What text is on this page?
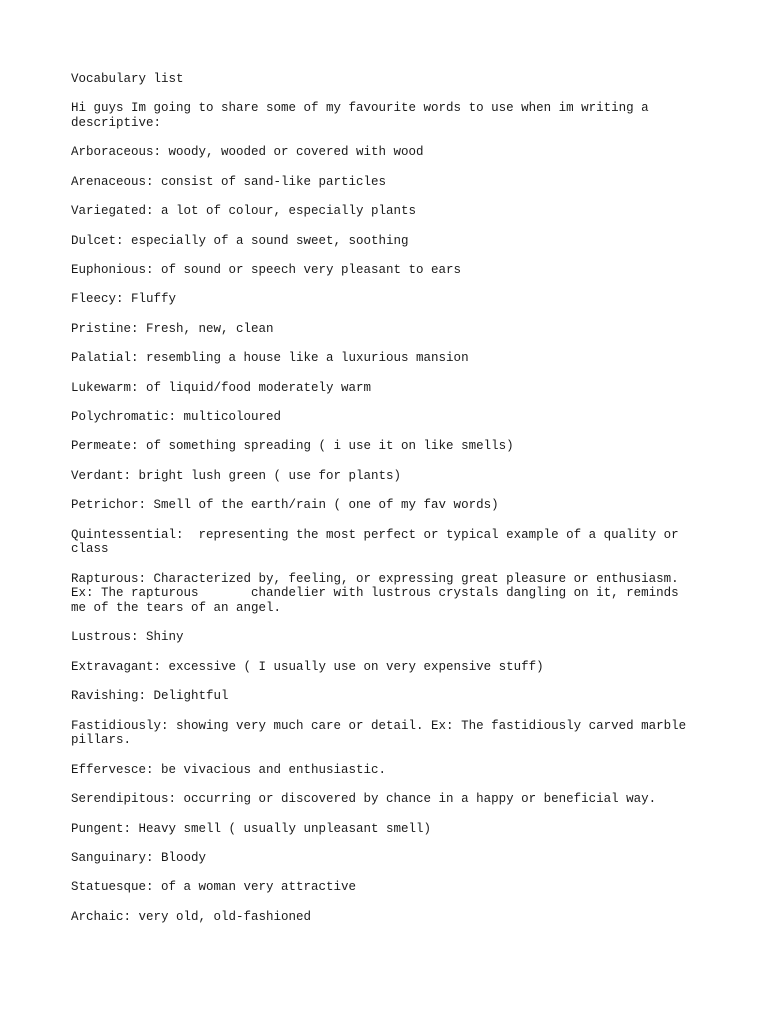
Vocabulary list

Hi guys Im going to share some of my favourite words to use when im writing a
descriptive:

Arboraceous: woody, wooded or covered with wood
Arenaceous: consist of sand-like particles
Variegated: a lot of colour, especially plants
Dulcet: especially of a sound sweet, soothing
Euphonious: of sound or speech very pleasant to ears
Fleecy: Fluffy
Pristine: Fresh, new, clean
Palatial: resembling a house like a luxurious mansion
Lukewarm: of liquid/food moderately warm
Polychromatic: multicoloured
Permeate: of something spreading ( i use it on like smells)
Verdant: bright lush green ( use for plants)
Petrichor: Smell of the earth/rain ( one of my fav words)
Quintessential:  representing the most perfect or typical example of a quality or
class
Rapturous: Characterized by, feeling, or expressing great pleasure or enthusiasm.
Ex: The rapturous       chandelier with lustrous crystals dangling on it, reminds
me of the tears of an angel.
Lustrous: Shiny
Extravagant: excessive ( I usually use on very expensive stuff)
Ravishing: Delightful
Fastidiously: showing very much care or detail. Ex: The fastidiously carved marble
pillars.
Effervesce: be vivacious and enthusiastic.
Serendipitous: occurring or discovered by chance in a happy or beneficial way.
Pungent: Heavy smell ( usually unpleasant smell)
Sanguinary: Bloody
Statuesque: of a woman very attractive
Archaic: very old, old-fashioned
